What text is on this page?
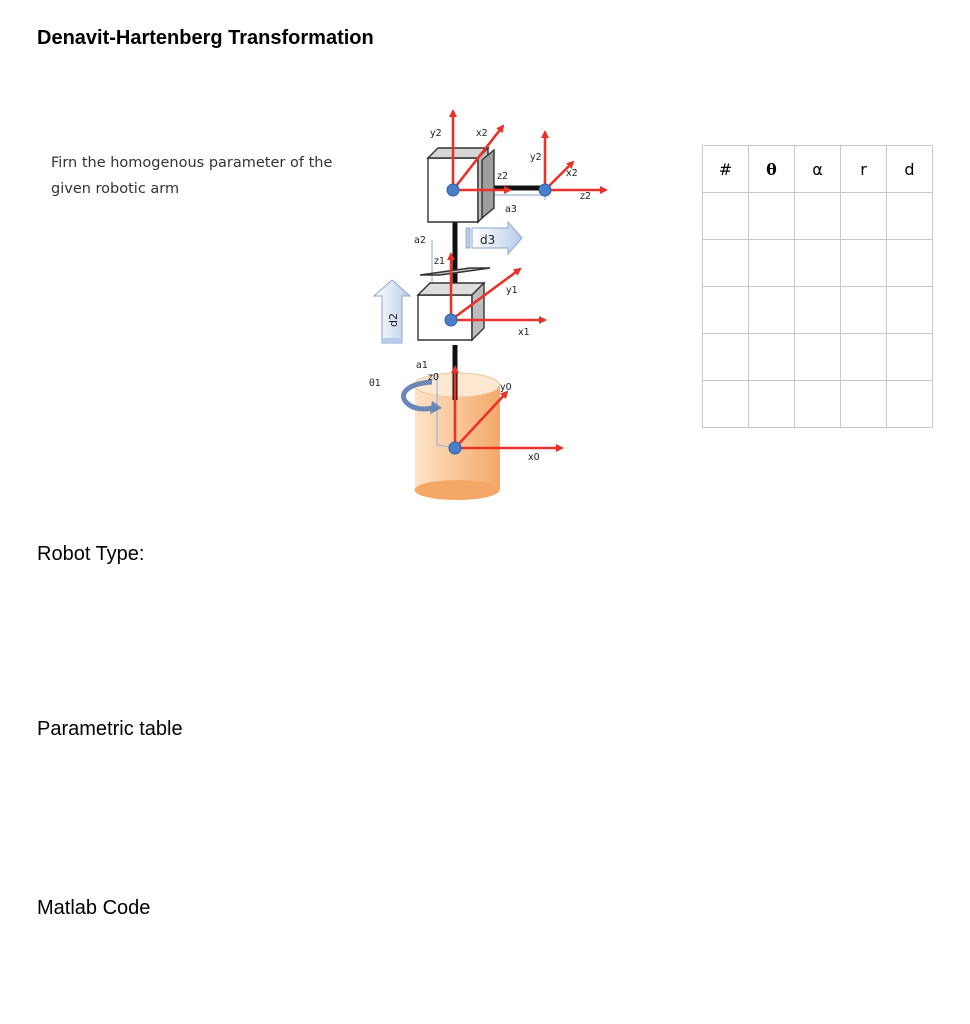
Denavit-Hartenberg Transformation
Firn the homogenous parameter of the given robotic arm
y2	x2
z2
a3
y2
x2
z2
a2
z1
y1
x1
a1
z0
θ1	y0
x0
d3
d2
#	θ	α	r	d

Robot Type:
Parametric table
Matlab Code
